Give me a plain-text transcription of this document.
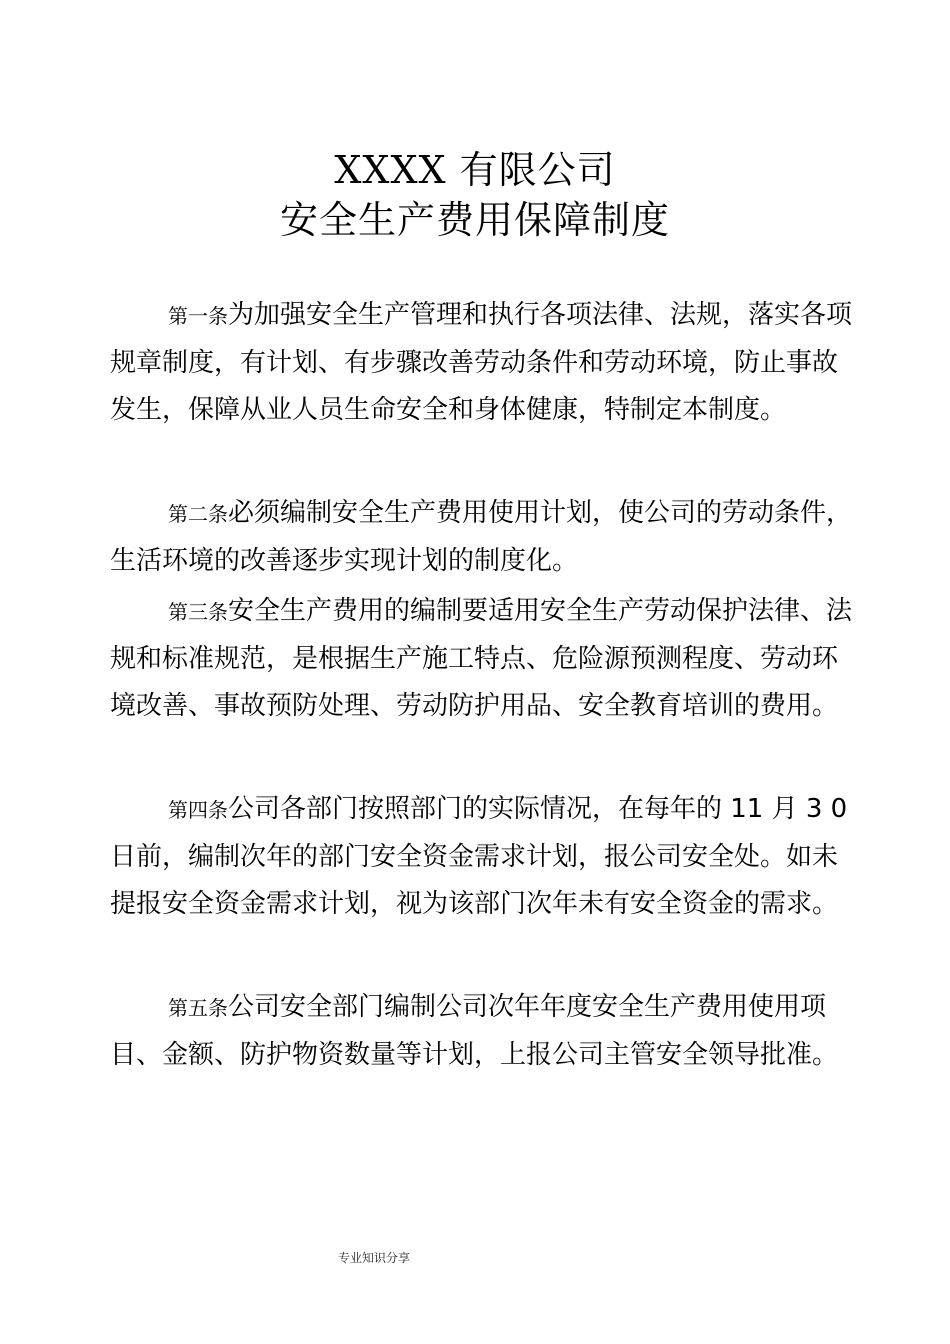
XXXX 有限公司
安全生产费用保障制度

第一条为加强安全生产管理和执行各项法律、法规，落实各项规章制度，有计划、有步骤改善劳动条件和劳动环境，防止事故发生，保障从业人员生命安全和身体健康，特制定本制度。

第二条必须编制安全生产费用使用计划，使公司的劳动条件，生活环境的改善逐步实现计划的制度化。

第三条安全生产费用的编制要适用安全生产劳动保护法律、法规和标准规范，是根据生产施工特点、危险源预测程度、劳动环境改善、事故预防处理、劳动防护用品、安全教育培训的费用。

第四条公司各部门按照部门的实际情况，在每年的 11 月 3 0 日前，编制次年的部门安全资金需求计划，报公司安全处。如未提报安全资金需求计划，视为该部门次年未有安全资金的需求。

第五条公司安全部门编制公司次年年度安全生产费用使用项目、金额、防护物资数量等计划，上报公司主管安全领导批准。

专业知识分享
